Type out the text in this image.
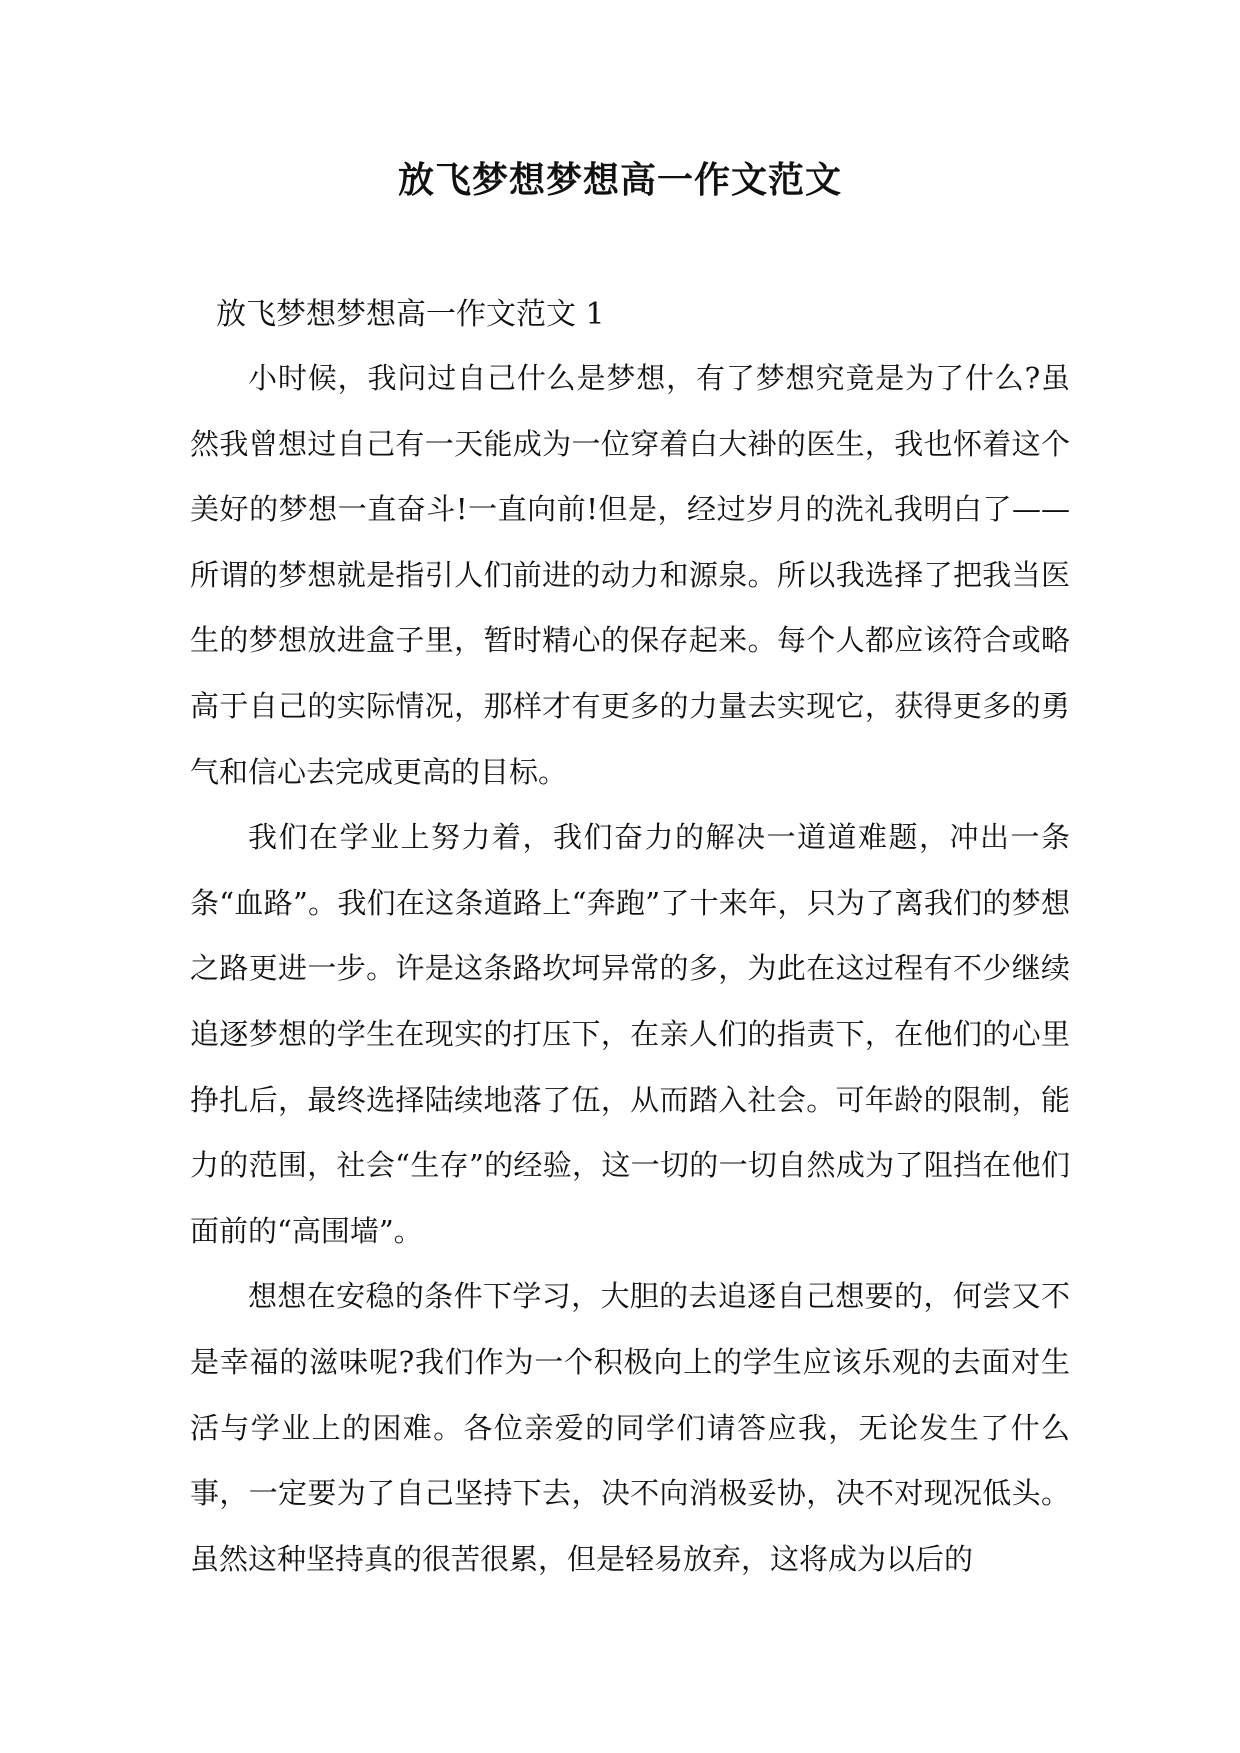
放飞梦想梦想高一作文范文
放飞梦想梦想高一作文范文 1

小时候，我问过自己什么是梦想，有了梦想究竟是为了什么?虽然我曾想过自己有一天能成为一位穿着白大褂的医生，我也怀着这个美好的梦想一直奋斗!一直向前!但是，经过岁月的洗礼我明白了——所谓的梦想就是指引人们前进的动力和源泉。所以我选择了把我当医生的梦想放进盒子里，暂时精心的保存起来。每个人都应该符合或略高于自己的实际情况，那样才有更多的力量去实现它，获得更多的勇气和信心去完成更高的目标。

我们在学业上努力着，我们奋力的解决一道道难题，冲出一条条“血路”。我们在这条道路上“奔跑”了十来年，只为了离我们的梦想之路更进一步。许是这条路坎坷异常的多，为此在这过程有不少继续追逐梦想的学生在现实的打压下，在亲人们的指责下，在他们的心里挣扎后，最终选择陆续地落了伍，从而踏入社会。可年龄的限制，能力的范围，社会“生存”的经验，这一切的一切自然成为了阻挡在他们面前的“高围墙”。

想想在安稳的条件下学习，大胆的去追逐自己想要的，何尝又不是幸福的滋味呢?我们作为一个积极向上的学生应该乐观的去面对生活与学业上的困难。各位亲爱的同学们请答应我，无论发生了什么事，一定要为了自己坚持下去，决不向消极妥协，决不对现况低头。虽然这种坚持真的很苦很累，但是轻易放弃，这将成为以后的
